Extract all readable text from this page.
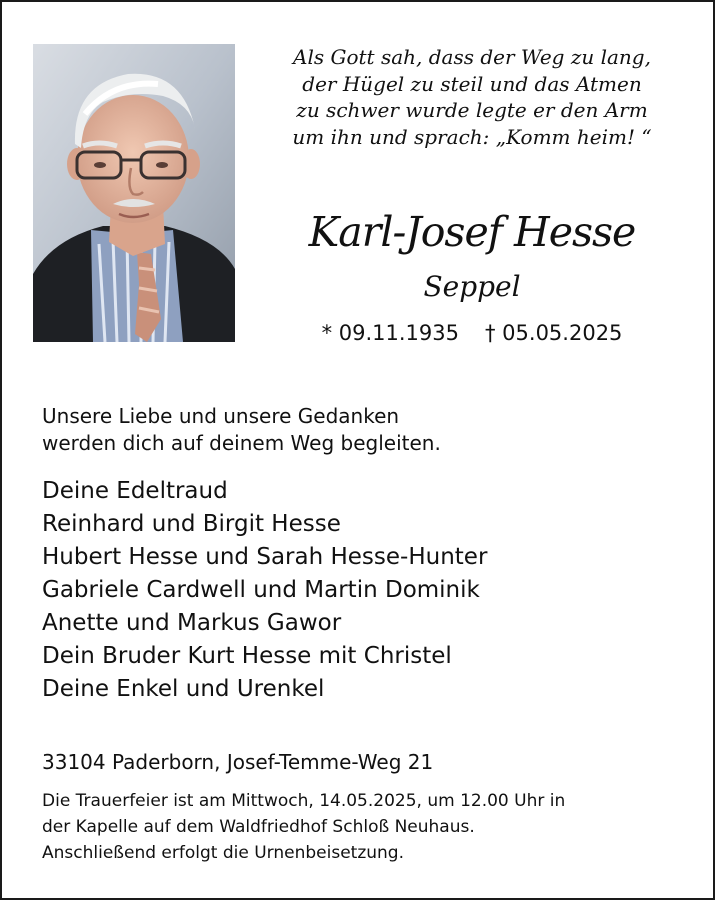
Als Gott sah, dass der Weg zu lang,
der Hügel zu steil und das Atmen
zu schwer wurde legte er den Arm
um ihn und sprach: „Komm heim! “
Karl-Josef Hesse
Seppel
* 09.11.1935 † 05.05.2025
Unsere Liebe und unsere Gedanken
werden dich auf deinem Weg begleiten.
Deine Edeltraud
Reinhard und Birgit Hesse
Hubert Hesse und Sarah Hesse-Hunter
Gabriele Cardwell und Martin Dominik
Anette und Markus Gawor
Dein Bruder Kurt Hesse mit Christel
Deine Enkel und Urenkel
33104 Paderborn, Josef-Temme-Weg 21
Die Trauerfeier ist am Mittwoch, 14.05.2025, um 12.00 Uhr in
der Kapelle auf dem Waldfriedhof Schloß Neuhaus.
Anschließend erfolgt die Urnenbeisetzung.
